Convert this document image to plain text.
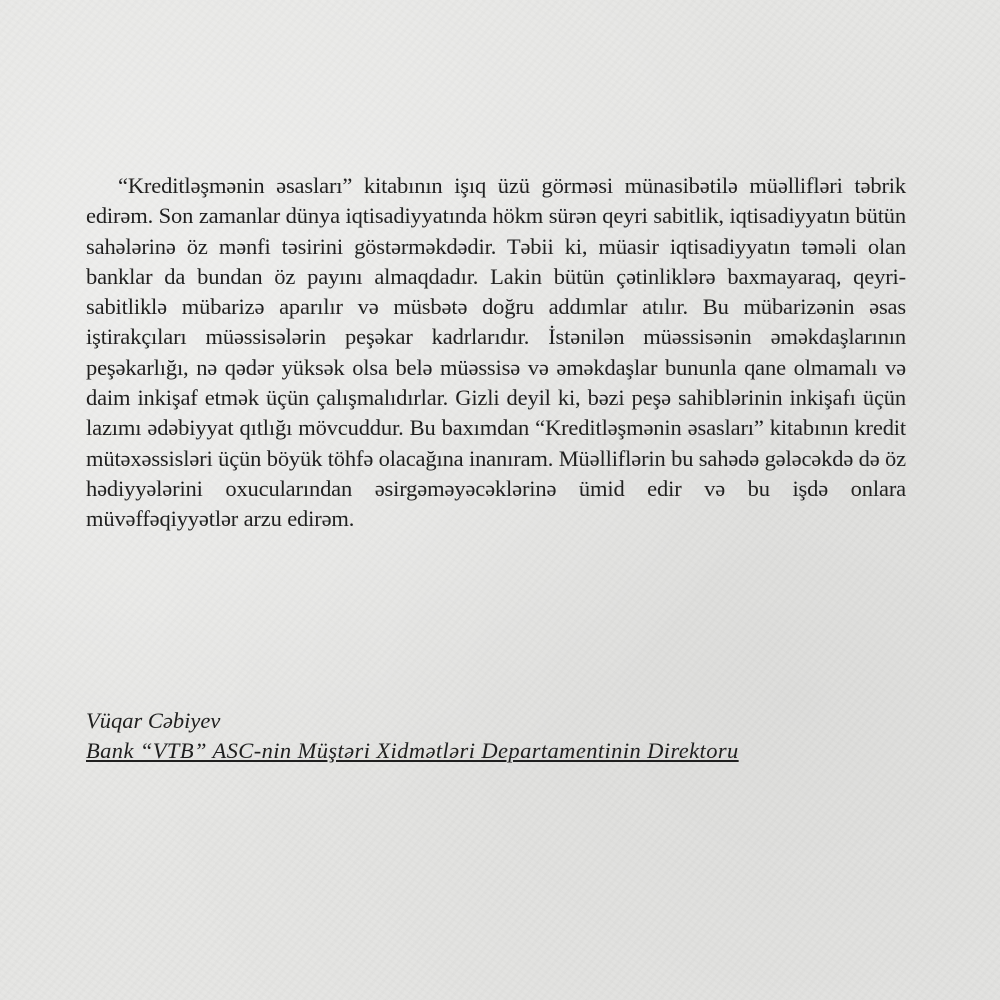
“Kreditləşmənin əsasları” kitabının işıq üzü görməsi münasibətilə müəllifləri təbrik edirəm. Son zamanlar dünya iqtisadiyyatında hökm sürən qeyri sabitlik, iqtisadiyyatın bütün sahələrinə öz mənfi təsirini göstərməkdədir. Təbii ki, müasir iqtisadiyyatın təməli olan banklar da bundan öz payını almaqdadır. Lakin bütün çətinliklərə baxmayaraq, qeyri-sabitliklə mübarizə aparılır və müsbətə doğru addımlar atılır. Bu mübarizənin əsas iştirakçıları müəssisələrin peşəkar kadrlarıdır. İstənilən müəssisənin əməkdaşlarının peşəkarlığı, nə qədər yüksək olsa belə müəssisə və əməkdaşlar bununla qane olmamalı və daim inkişaf etmək üçün çalışmalıdırlar. Gizli deyil ki, bəzi peşə sahiblərinin inkişafı üçün lazımı ədəbiyyat qıtlığı mövcuddur. Bu baxımdan “Kreditləşmənin əsasları” kitabının kredit mütəxəssisləri üçün böyük töhfə olacağına inanıram. Müəlliflərin bu sahədə gələcəkdə də öz hədiyyələrini oxucularından əsirgəməyəcəklərinə ümid edir və bu işdə onlara müvəffəqiyyətlər arzu edirəm.

Vüqar Cəbiyev
Bank “VTB” ASC-nin Müştəri Xidmətləri Departamentinin Direktoru
